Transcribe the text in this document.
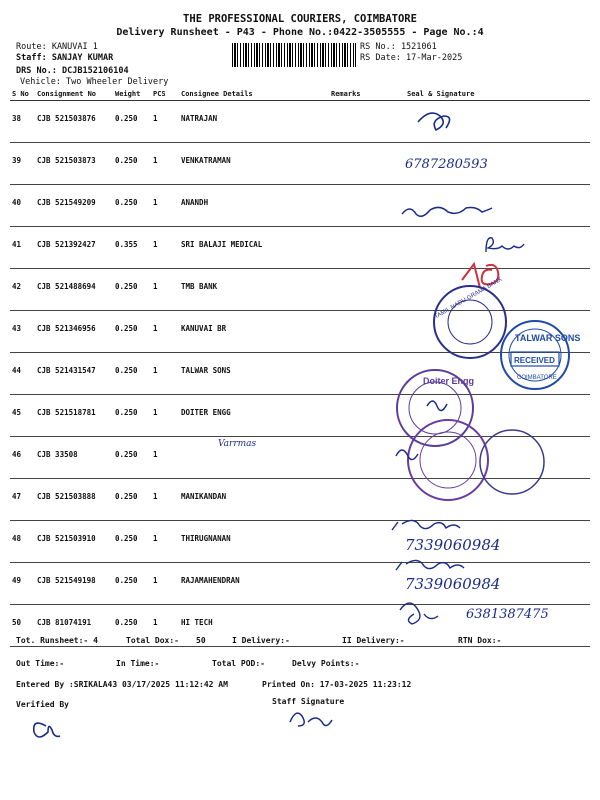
THE PROFESSIONAL COURIERS, COIMBATORE
Delivery Runsheet - P43 - Phone No.:0422-3505555 - Page No.:4
Route: KANUVAI 1
Staff: SANJAY KUMAR
DRS No.: DCJB152106104
Vehicle: Two Wheeler Delivery
RS No.: 1521061
RS Date: 17-Mar-2025
S No	Consignment No	Weight	PCS	Consignee Details	Remarks	Seal & Signature
38	CJB 521503876	0.250	1	NATRAJAN		
39	CJB 521503873	0.250	1	VENKATRAMAN		
40	CJB 521549209	0.250	1	ANANDH		
41	CJB 521392427	0.355	1	SRI BALAJI MEDICAL		
42	CJB 521488694	0.250	1	TMB BANK		
43	CJB 521346956	0.250	1	KANUVAI BR		
44	CJB 521431547	0.250	1	TALWAR SONS		
45	CJB 521518781	0.250	1	DOITER ENGG		
46	CJB 33508	0.250	1			
47	CJB 521503888	0.250	1	MANIKANDAN		
48	CJB 521503910	0.250	1	THIRUGNANAN		
49	CJB 521549198	0.250	1	RAJAMAHENDRAN		
50	CJB 81074191	0.250	1	HI TECH		
6787280593
TAMIL NADU GRAMA BANK
TALWAR SONS
RECEIVED
COIMBATORE
Doiter Engg
Varrmas
7339060984
7339060984
6381387475
Tot. Runsheet:- 4	Total Dox:- 50	I Delivery:-	II Delivery:-	RTN Dox:-
Out Time:-	In Time:-	Total POD:-	Delvy Points:-
Entered By :SRIKALA43 03/17/2025 11:12:42 AM	Printed On: 17-03-2025 11:23:12
Verified By	Staff Signature
